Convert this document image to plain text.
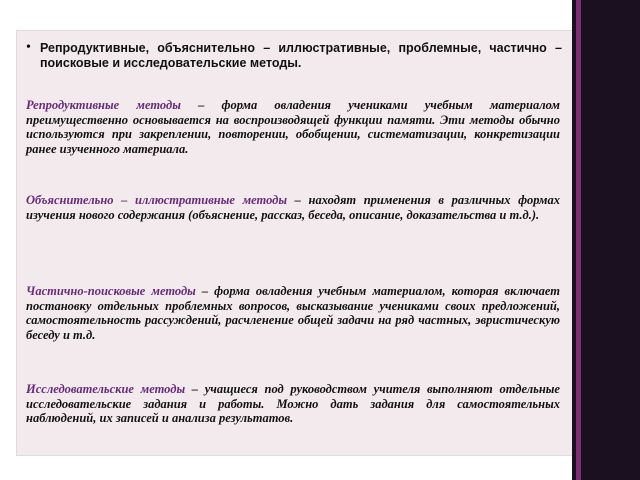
• Репродуктивные, объяснительно – иллюстративные, проблемные, частично – поисковые и исследовательские методы.

Репродуктивные методы – форма овладения учениками учебным материалом преимущественно основывается на воспроизводящей функции памяти. Эти методы обычно используются при закреплении, повторении, обобщении, систематизации, конкретизации ранее изученного материала.

Объяснительно – иллюстративные методы – находят применения в различных формах изучения нового содержания (объяснение, рассказ, беседа, описание, доказательства и т.д.).

Частично-поисковые методы – форма овладения учебным материалом, которая включает постановку отдельных проблемных вопросов, высказывание учениками своих предложений, самостоятельность рассуждений, расчленение общей задачи на ряд частных, эвристическую беседу и т.д.

Исследовательские методы – учащиеся под руководством учителя выполняют отдельные исследовательские задания и работы. Можно дать задания для самостоятельных наблюдений, их записей и анализа результатов.
